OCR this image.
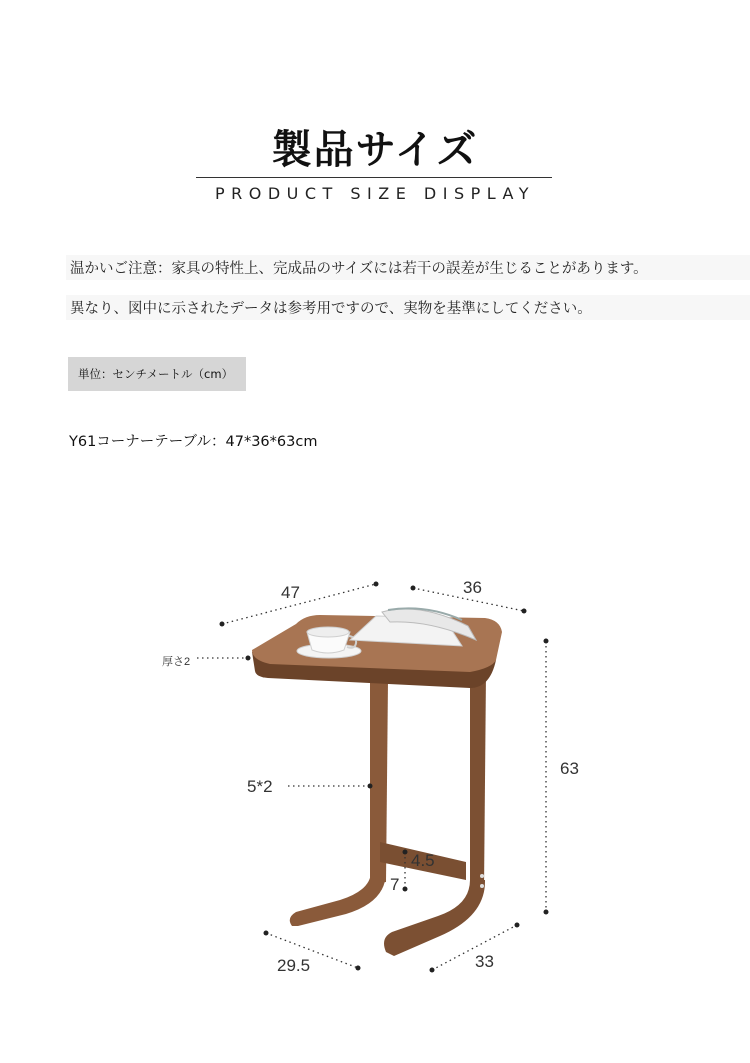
製品サイズ
PRODUCT SIZE DISPLAY
温かいご注意：家具の特性上、完成品のサイズには若干の誤差が生じることがあります。
異なり、図中に示されたデータは参考用ですので、実物を基準にしてください。
単位：センチメートル（cm）
Y61コーナーテーブル：47*36*63cm
47	36
63
厚さ2
5*2
4.5
7
29.5	33
